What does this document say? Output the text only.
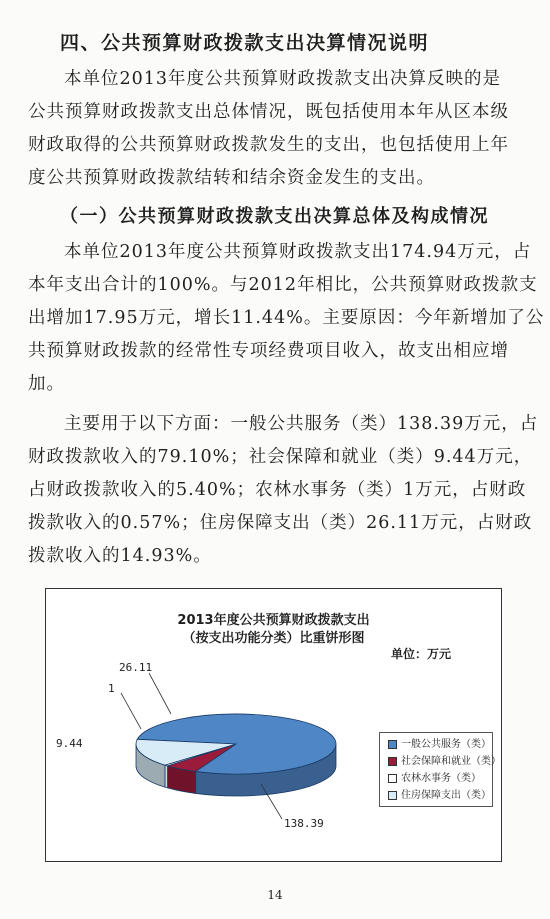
四、公共预算财政拨款支出决算情况说明
本单位2013年度公共预算财政拨款支出决算反映的是
公共预算财政拨款支出总体情况，既包括使用本年从区本级
财政取得的公共预算财政拨款发生的支出，也包括使用上年
度公共预算财政拨款结转和结余资金发生的支出。
（一）公共预算财政拨款支出决算总体及构成情况
本单位2013年度公共预算财政拨款支出174.94万元，占
本年支出合计的100%。与2012年相比，公共预算财政拨款支
出增加17.95万元，增长11.44%。主要原因：今年新增加了公
共预算财政拨款的经常性专项经费项目收入，故支出相应增
加。
主要用于以下方面：一般公共服务（类）138.39万元，占
财政拨款收入的79.10%；社会保障和就业（类）9.44万元，
占财政拨款收入的5.40%；农林水事务（类）1万元，占财政
拨款收入的0.57%；住房保障支出（类）26.11万元，占财政
拨款收入的14.93%。
2013年度公共预算财政拨款支出
（按支出功能分类）比重饼形图
单位：万元
26.11
1
9.44
138.39
一般公共服务（类）
社会保障和就业（类）
农林水事务（类）
住房保障支出（类）
14
